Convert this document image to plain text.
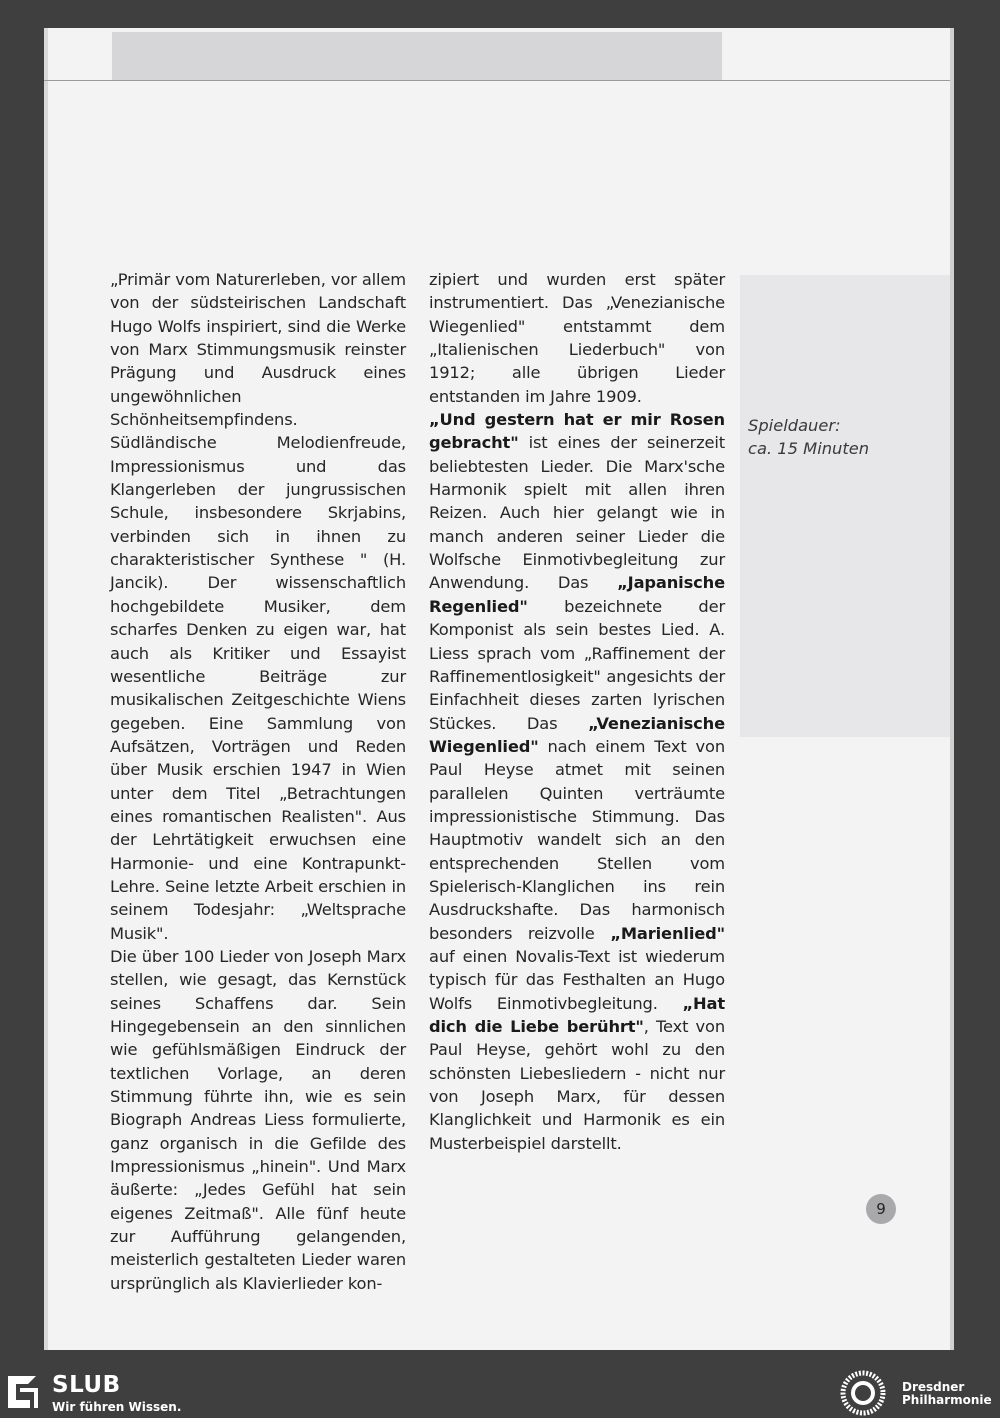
„Primär vom Naturerleben, vor allem von der südsteirischen Landschaft Hugo Wolfs inspiriert, sind die Werke von Marx Stimmungsmusik reinster Prägung und Ausdruck eines ungewöhnlichen Schönheitsempfindens. Südländische Melodienfreude, Impressionismus und das Klangerleben der jungrussischen Schule, insbesondere Skrjabins, verbinden sich in ihnen zu charakteristischer Synthese " (H. Jancik). Der wissenschaftlich hochgebildete Musiker, dem scharfes Denken zu eigen war, hat auch als Kritiker und Essayist wesentliche Beiträge zur musikalischen Zeitgeschichte Wiens gegeben. Eine Sammlung von Aufsätzen, Vorträgen und Reden über Musik erschien 1947 in Wien unter dem Titel „Betrachtungen eines romantischen Realisten". Aus der Lehrtätigkeit erwuchsen eine Harmonie- und eine Kontrapunkt-Lehre. Seine letzte Arbeit erschien in seinem Todesjahr: „Weltsprache Musik".

Die über 100 Lieder von Joseph Marx stellen, wie gesagt, das Kernstück seines Schaffens dar. Sein Hingegebensein an den sinnlichen wie gefühlsmäßigen Eindruck der textlichen Vorlage, an deren Stimmung führte ihn, wie es sein Biograph Andreas Liess formulierte, ganz organisch in die Gefilde des Impressionismus „hinein". Und Marx äußerte: „Jedes Gefühl hat sein eigenes Zeitmaß". Alle fünf heute zur Aufführung gelangenden, meisterlich gestalteten Lieder waren ursprünglich als Klavierlieder kon-

zipiert und wurden erst später instrumentiert. Das „Venezianische Wiegenlied" entstammt dem „Italienischen Liederbuch" von 1912; alle übrigen Lieder entstanden im Jahre 1909.
„Und gestern hat er mir Rosen gebracht" ist eines der seinerzeit beliebtesten Lieder. Die Marx'sche Harmonik spielt mit allen ihren Reizen. Auch hier gelangt wie in manch anderen seiner Lieder die Wolfsche Einmotivbegleitung zur Anwendung. Das „Japanische Regenlied" bezeichnete der Komponist als sein bestes Lied. A. Liess sprach vom „Raffinement der Raffinementlosigkeit" angesichts der Einfachheit dieses zarten lyrischen Stückes. Das „Venezianische Wiegenlied" nach einem Text von Paul Heyse atmet mit seinen parallelen Quinten verträumte impressionistische Stimmung. Das Hauptmotiv wandelt sich an den entsprechenden Stellen vom Spielerisch-Klanglichen ins rein Ausdruckshafte. Das harmonisch besonders reizvolle „Marienlied" auf einen Novalis-Text ist wiederum typisch für das Festhalten an Hugo Wolfs Einmotivbegleitung. „Hat dich die Liebe berührt", Text von Paul Heyse, gehört wohl zu den schönsten Liebesliedern - nicht nur von Joseph Marx, für dessen Klanglichkeit und Harmonik es ein Musterbeispiel darstellt.

Spieldauer:
ca. 15 Minuten
9
SLUB
Wir führen Wissen.
Dresdner
Philharmonie
